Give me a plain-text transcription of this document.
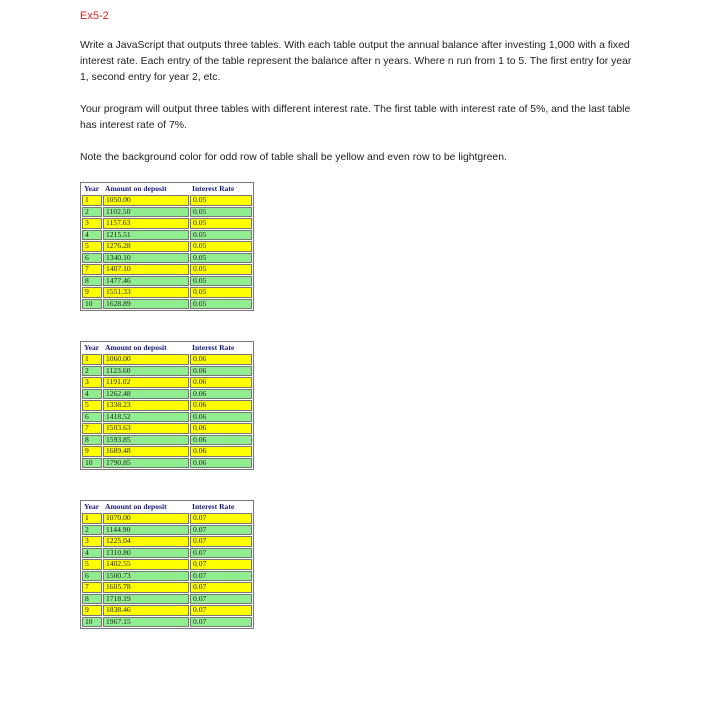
Ex5-2

Write a JavaScript that outputs three tables. With each table output the annual balance after investing 1,000 with a fixed interest rate. Each entry of the table represent the balance after n years. Where n run from 1 to 5. The first entry for year 1, second entry for year 2, etc.

Your program will output three tables with different interest rate. The first table with interest rate of 5%, and the last table has interest rate of 7%.

Note the background color for odd row of table shall be yellow and even row to be lightgreen.

Year	Amount on deposit	Interest Rate
1	1050.00	0.05
2	1102.50	0.05
3	1157.63	0.05
4	1215.51	0.05
5	1276.28	0.05
6	1340.10	0.05
7	1407.10	0.05
8	1477.46	0.05
9	1551.33	0.05
10	1628.89	0.05
Year	Amount on deposit	Interest Rate
1	1060.00	0.06
2	1123.60	0.06
3	1191.02	0.06
4	1262.48	0.06
5	1338.23	0.06
6	1418.52	0.06
7	1503.63	0.06
8	1593.85	0.06
9	1689.48	0.06
10	1790.85	0.06
Year	Amount on deposit	Interest Rate
1	1070.00	0.07
2	1144.90	0.07
3	1225.04	0.07
4	1310.80	0.07
5	1402.55	0.07
6	1500.73	0.07
7	1605.78	0.07
8	1718.19	0.07
9	1838.46	0.07
10	1967.15	0.07
